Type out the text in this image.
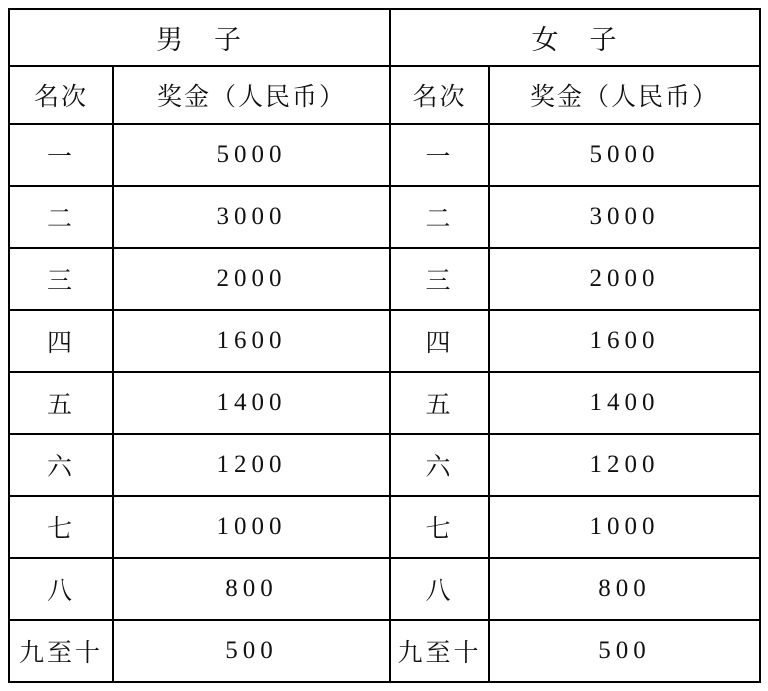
男　子		女　子	
名次	奖金（人民币）	名次	奖金（人民币）
一	5000	一	5000
二	3000	二	3000
三	2000	三	2000
四	1600	四	1600
五	1400	五	1400
六	1200	六	1200
七	1000	七	1000
八	800	八	800
九至十	500	九至十	500
